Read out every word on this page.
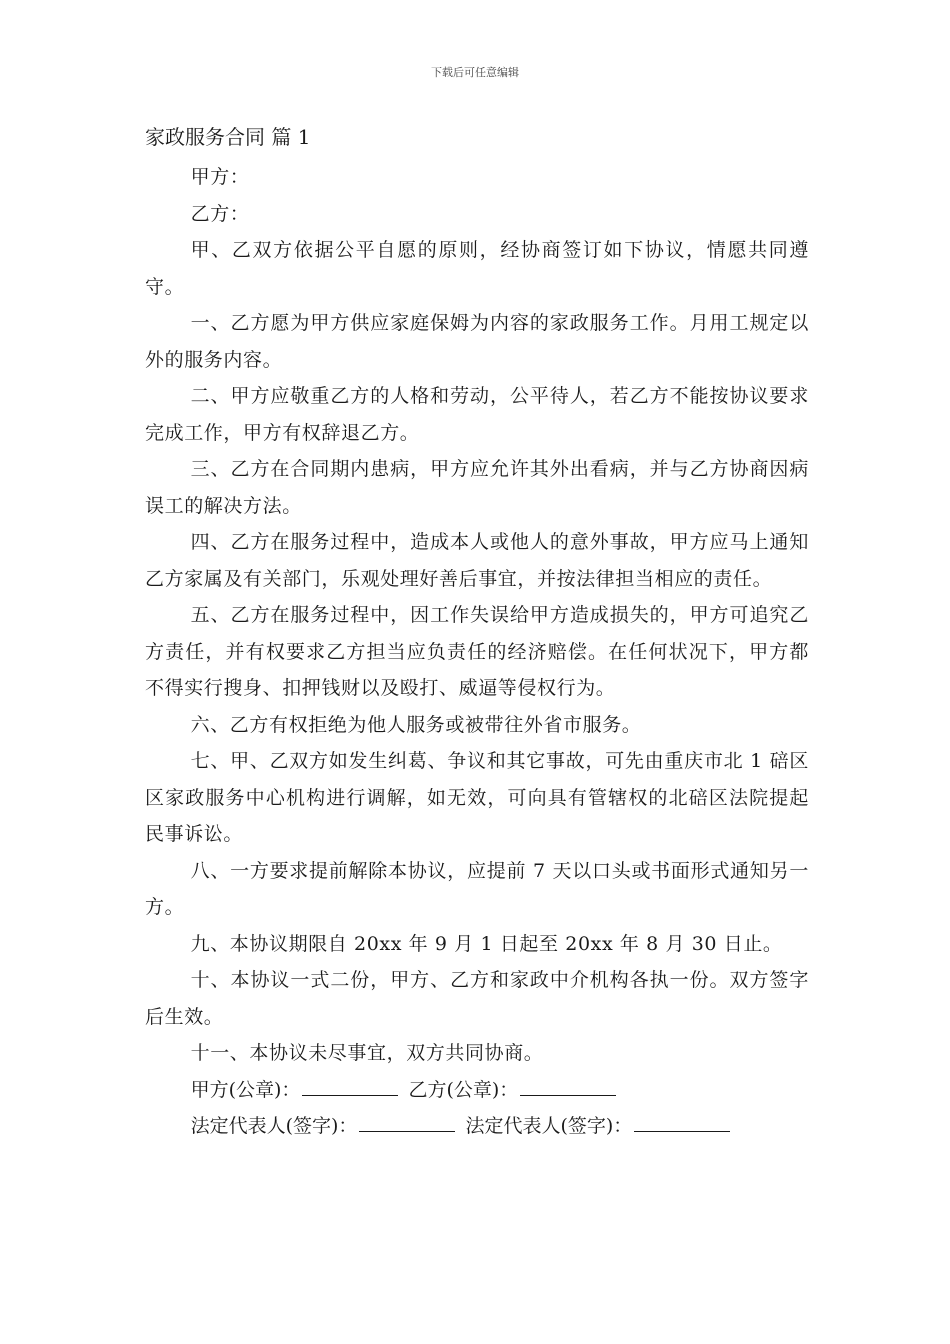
下载后可任意编辑
家政服务合同 篇 1

甲方：

乙方：

甲、乙双方依据公平自愿的原则，经协商签订如下协议，情愿共同遵守。

一、乙方愿为甲方供应家庭保姆为内容的家政服务工作。月用工规定以外的服务内容。

二、甲方应敬重乙方的人格和劳动，公平待人，若乙方不能按协议要求完成工作，甲方有权辞退乙方。

三、乙方在合同期内患病，甲方应允许其外出看病，并与乙方协商因病误工的解决方法。

四、乙方在服务过程中，造成本人或他人的意外事故，甲方应马上通知乙方家属及有关部门，乐观处理好善后事宜，并按法律担当相应的责任。

五、乙方在服务过程中，因工作失误给甲方造成损失的，甲方可追究乙方责任，并有权要求乙方担当应负责任的经济赔偿。在任何状况下，甲方都不得实行搜身、扣押钱财以及殴打、威逼等侵权行为。

六、乙方有权拒绝为他人服务或被带往外省市服务。

七、甲、乙双方如发生纠葛、争议和其它事故，可先由重庆市北 1 碚区区家政服务中心机构进行调解，如无效，可向具有管辖权的北碚区法院提起民事诉讼。

八、一方要求提前解除本协议，应提前 7 天以口头或书面形式通知另一方。

九、本协议期限自 20xx 年 9 月 1 日起至 20xx 年 8 月 30 日止。

十、本协议一式二份，甲方、乙方和家政中介机构各执一份。双方签字后生效。

十一、本协议未尽事宜，双方共同协商。

甲方(公章)：	乙方(公章)：
法定代表人(签字)：	法定代表人(签字)：
